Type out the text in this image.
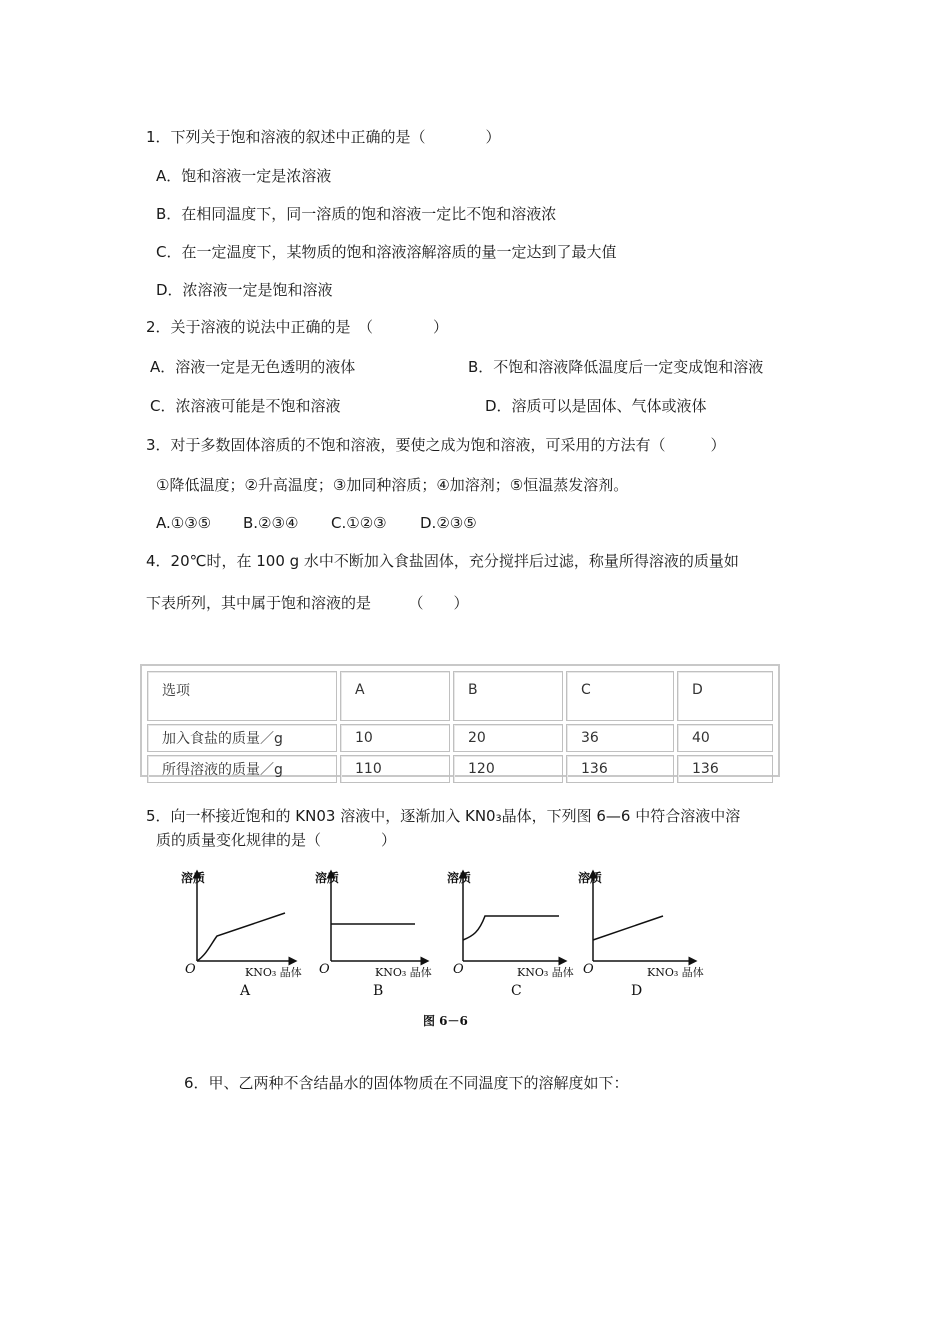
1．下列关于饱和溶液的叙述中正确的是（　　　　）
A．饱和溶液一定是浓溶液
B．在相同温度下，同一溶质的饱和溶液一定比不饱和溶液浓
C．在一定温度下，某物质的饱和溶液溶解溶质的量一定达到了最大值
D．浓溶液一定是饱和溶液
2．关于溶液的说法中正确的是　（　　　　）
A．溶液一定是无色透明的液体	B．不饱和溶液降低温度后一定变成饱和溶液
C．浓溶液可能是不饱和溶液	D．溶质可以是固体、气体或液体
3．对于多数固体溶质的不饱和溶液，要使之成为饱和溶液，可采用的方法有（　　　）
①降低温度；②升高温度；③加同种溶质；④加溶剂；⑤恒温蒸发溶剂。
A.①③⑤ B.②③④ C.①②③ D.②③⑤
4．20℃时，在 100 g 水中不断加入食盐固体，充分搅拌后过滤，称量所得溶液的质量如
下表所列，其中属于饱和溶液的是　　　（　　）
选项	A	B	C	D
加入食盐的质量／g	10	20	36	40
所得溶液的质量／g	110	120	136	136
5．向一杯接近饱和的 KN03 溶液中，逐渐加入 KN0₃晶体，下列图 6—6 中符合溶液中溶
质的质量变化规律的是（　　　　）
溶质
O	KNO₃ 晶体
A
溶质
O	KNO₃ 晶体
B
溶质
O	KNO₃ 晶体
C
溶质
O	KNO₃ 晶体
D
图 6－6
6．甲、乙两种不含结晶水的固体物质在不同温度下的溶解度如下：
